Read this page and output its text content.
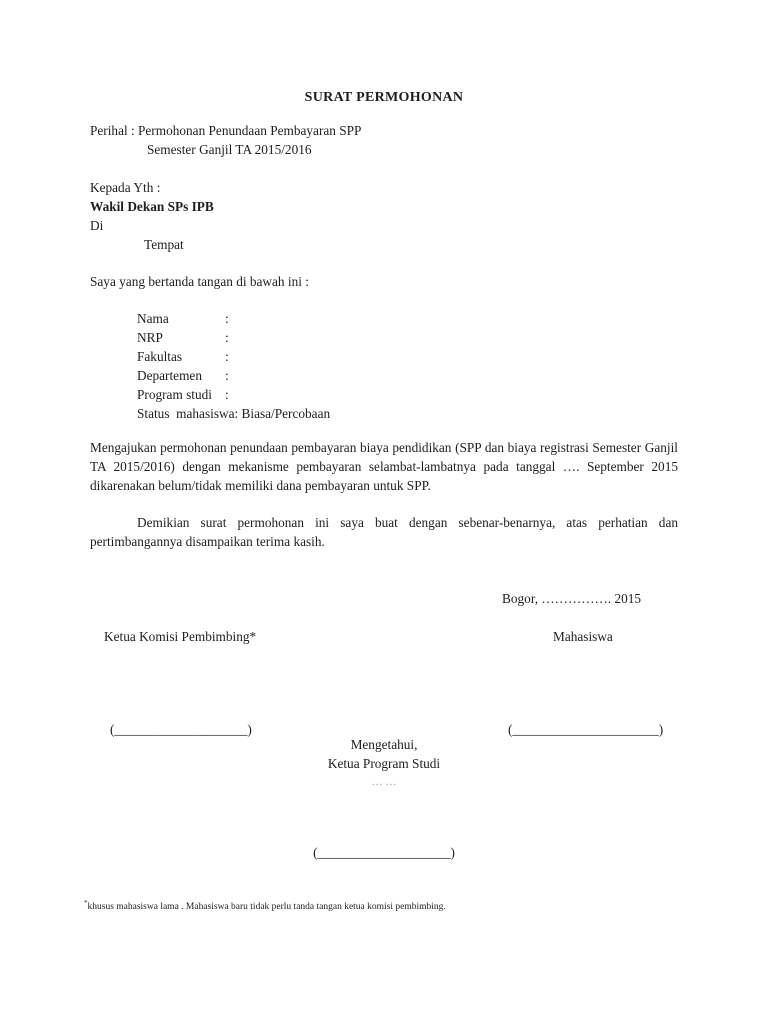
SURAT PERMOHONAN
Perihal : Permohonan Penundaan Pembayaran SPP
Semester Ganjil TA 2015/2016
Kepada Yth :
Wakil Dekan SPs IPB
Di
Tempat
Saya yang bertanda tangan di bawah ini :
Nama	:
NRP	:
Fakultas	:
Departemen :
Program studi :
Status  mahasiswa: Biasa/Percobaan
Mengajukan permohonan penundaan pembayaran biaya pendidikan (SPP dan biaya registrasi Semester Ganjil TA 2015/2016) dengan mekanisme pembayaran selambat-lambatnya pada tanggal …. September 2015 dikarenakan belum/tidak memiliki dana pembayaran untuk SPP.
Demikian surat permohonan ini saya buat dengan sebenar-benarnya, atas perhatian dan pertimbangannya disampaikan terima kasih.
Bogor, ……………. 2015
Ketua Komisi Pembimbing*	Mahasiswa
(____________________)	(______________________)
Mengetahui,
Ketua Program Studi
… …
(____________________)
*khusus mahasiswa lama . Mahasiswa baru tidak perlu tanda tangan ketua komisi pembimbing.
